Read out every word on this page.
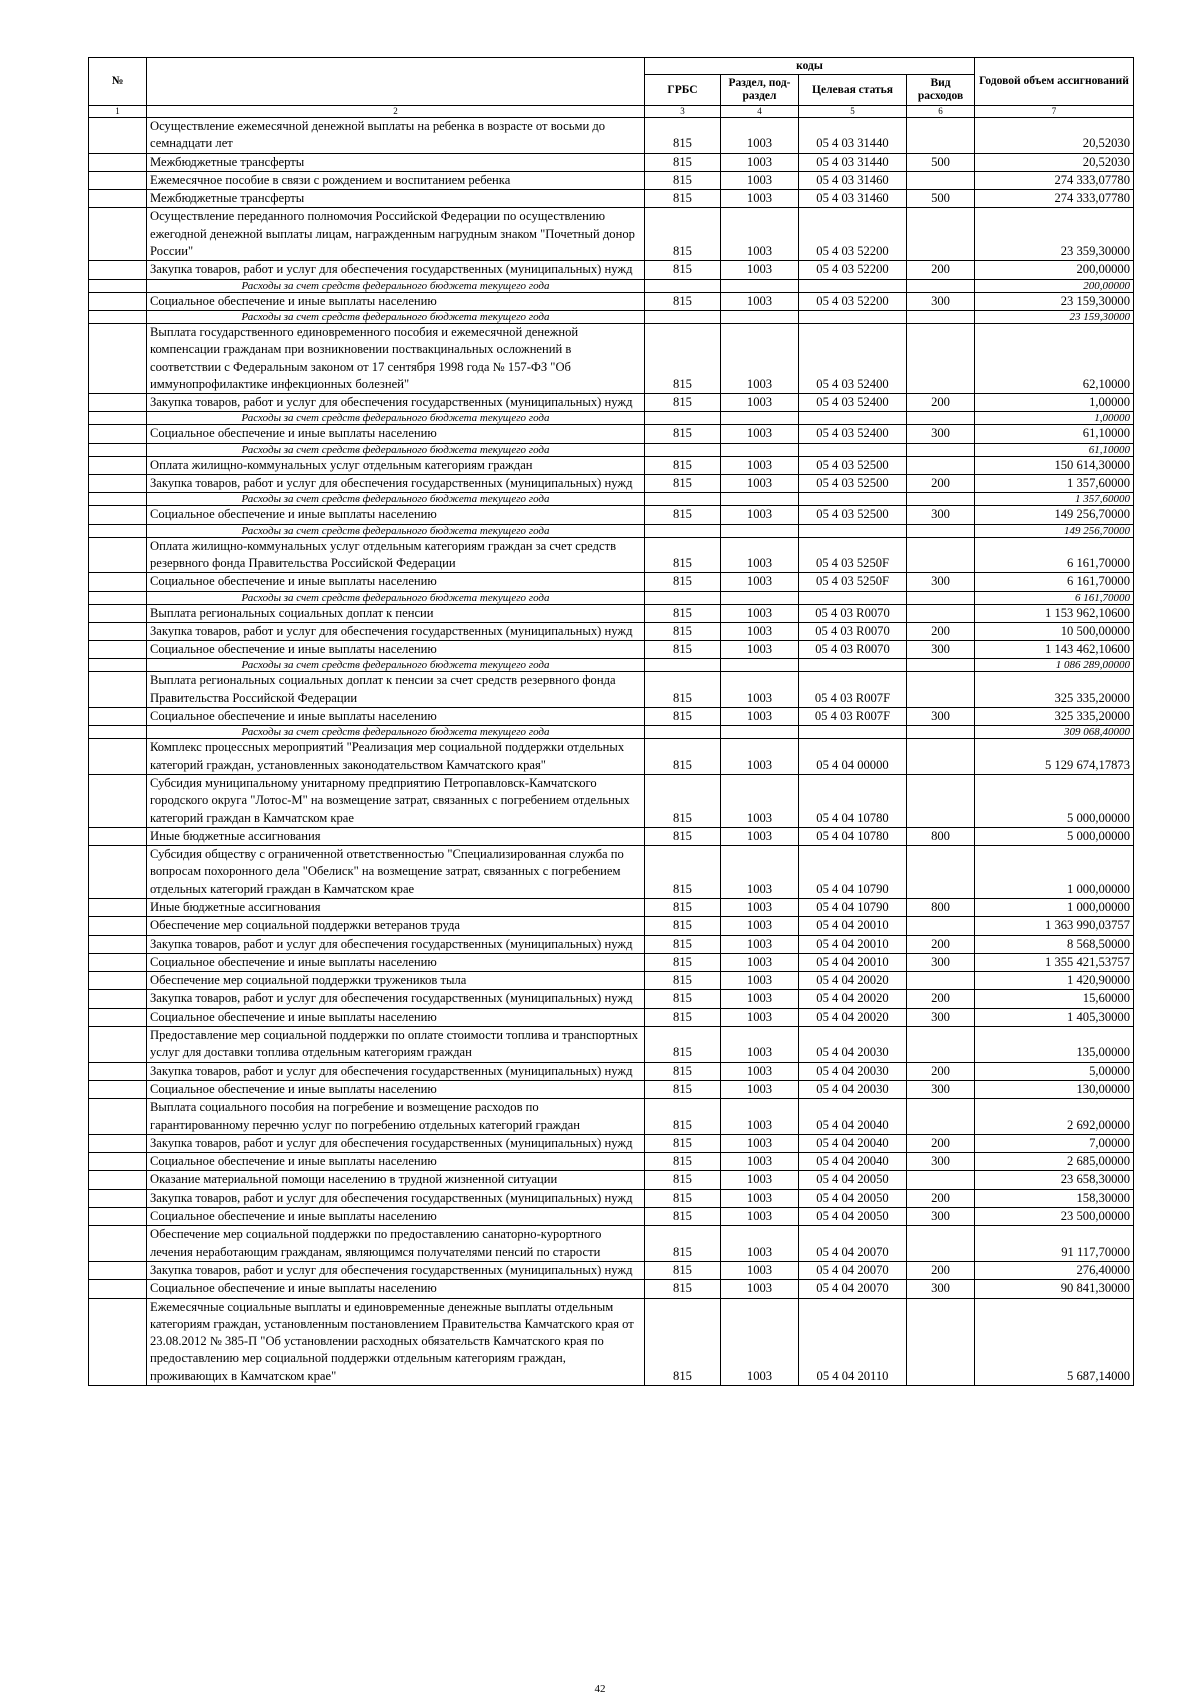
№		коды				Годовой объем ассигнований
		ГРБС	Раздел, под-раздел	Целевая статья	Вид расходов	
1	2	3	4	5	6	7
	Осуществление ежемесячной денежной выплаты на ребенка в возрасте от восьми до семнадцати лет	815	1003	05 4 03 31440		20,52030
	Межбюджетные трансферты	815	1003	05 4 03 31440	500	20,52030
	Ежемесячное пособие в связи с рождением и воспитанием ребенка	815	1003	05 4 03 31460		274 333,07780
	Межбюджетные трансферты	815	1003	05 4 03 31460	500	274 333,07780
	Осуществление переданного полномочия Российской Федерации по осуществлению ежегодной денежной выплаты лицам, награжденным нагрудным знаком "Почетный донор России"	815	1003	05 4 03 52200		23 359,30000
	Закупка товаров, работ и услуг для обеспечения государственных (муниципальных) нужд	815	1003	05 4 03 52200	200	200,00000
	Расходы за счет средств федерального бюджета текущего года					200,00000
	Социальное обеспечение и иные выплаты населению	815	1003	05 4 03 52200	300	23 159,30000
	Расходы за счет средств федерального бюджета текущего года					23 159,30000
	Выплата государственного единовременного пособия и ежемесячной денежной компенсации гражданам при возникновении поствакцинальных осложнений в соответствии с Федеральным законом от 17 сентября 1998 года № 157-ФЗ "Об иммунопрофилактике инфекционных болезней"	815	1003	05 4 03 52400		62,10000
	Закупка товаров, работ и услуг для обеспечения государственных (муниципальных) нужд	815	1003	05 4 03 52400	200	1,00000
	Расходы за счет средств федерального бюджета текущего года					1,00000
	Социальное обеспечение и иные выплаты населению	815	1003	05 4 03 52400	300	61,10000
	Расходы за счет средств федерального бюджета текущего года					61,10000
	Оплата жилищно-коммунальных услуг отдельным категориям граждан	815	1003	05 4 03 52500		150 614,30000
	Закупка товаров, работ и услуг для обеспечения государственных (муниципальных) нужд	815	1003	05 4 03 52500	200	1 357,60000
	Расходы за счет средств федерального бюджета текущего года					1 357,60000
	Социальное обеспечение и иные выплаты населению	815	1003	05 4 03 52500	300	149 256,70000
	Расходы за счет средств федерального бюджета текущего года					149 256,70000
	Оплата жилищно-коммунальных услуг отдельным категориям граждан за счет средств резервного фонда Правительства Российской Федерации	815	1003	05 4 03 5250F		6 161,70000
	Социальное обеспечение и иные выплаты населению	815	1003	05 4 03 5250F	300	6 161,70000
	Расходы за счет средств федерального бюджета текущего года					6 161,70000
	Выплата региональных социальных доплат к пенсии	815	1003	05 4 03 R0070		1 153 962,10600
	Закупка товаров, работ и услуг для обеспечения государственных (муниципальных) нужд	815	1003	05 4 03 R0070	200	10 500,00000
	Социальное обеспечение и иные выплаты населению	815	1003	05 4 03 R0070	300	1 143 462,10600
	Расходы за счет средств федерального бюджета текущего года					1 086 289,00000
	Выплата региональных социальных доплат к пенсии за счет средств резервного фонда Правительства Российской Федерации	815	1003	05 4 03 R007F		325 335,20000
	Социальное обеспечение и иные выплаты населению	815	1003	05 4 03 R007F	300	325 335,20000
	Расходы за счет средств федерального бюджета текущего года					309 068,40000
	Комплекс процессных мероприятий "Реализация мер социальной поддержки отдельных категорий граждан, установленных законодательством Камчатского края"	815	1003	05 4 04 00000		5 129 674,17873
	Субсидия муниципальному унитарному предприятию Петропавловск-Камчатского городского округа "Лотос-М" на возмещение затрат, связанных с погребением отдельных категорий граждан в Камчатском крае	815	1003	05 4 04 10780		5 000,00000
	Иные бюджетные ассигнования	815	1003	05 4 04 10780	800	5 000,00000
	Субсидия обществу с ограниченной ответственностью "Специализированная служба по вопросам похоронного дела "Обелиск" на возмещение затрат, связанных с погребением отдельных категорий граждан в Камчатском крае	815	1003	05 4 04 10790		1 000,00000
	Иные бюджетные ассигнования	815	1003	05 4 04 10790	800	1 000,00000
	Обеспечение мер социальной поддержки ветеранов труда	815	1003	05 4 04 20010		1 363 990,03757
	Закупка товаров, работ и услуг для обеспечения государственных (муниципальных) нужд	815	1003	05 4 04 20010	200	8 568,50000
	Социальное обеспечение и иные выплаты населению	815	1003	05 4 04 20010	300	1 355 421,53757
	Обеспечение мер социальной поддержки тружеников тыла	815	1003	05 4 04 20020		1 420,90000
	Закупка товаров, работ и услуг для обеспечения государственных (муниципальных) нужд	815	1003	05 4 04 20020	200	15,60000
	Социальное обеспечение и иные выплаты населению	815	1003	05 4 04 20020	300	1 405,30000
	Предоставление мер социальной поддержки по оплате стоимости топлива и транспортных услуг для доставки топлива отдельным категориям граждан	815	1003	05 4 04 20030		135,00000
	Закупка товаров, работ и услуг для обеспечения государственных (муниципальных) нужд	815	1003	05 4 04 20030	200	5,00000
	Социальное обеспечение и иные выплаты населению	815	1003	05 4 04 20030	300	130,00000
	Выплата социального пособия на погребение и возмещение расходов по гарантированному перечню услуг по погребению отдельных категорий граждан	815	1003	05 4 04 20040		2 692,00000
	Закупка товаров, работ и услуг для обеспечения государственных (муниципальных) нужд	815	1003	05 4 04 20040	200	7,00000
	Социальное обеспечение и иные выплаты населению	815	1003	05 4 04 20040	300	2 685,00000
	Оказание материальной помощи населению в трудной жизненной ситуации	815	1003	05 4 04 20050		23 658,30000
	Закупка товаров, работ и услуг для обеспечения государственных (муниципальных) нужд	815	1003	05 4 04 20050	200	158,30000
	Социальное обеспечение и иные выплаты населению	815	1003	05 4 04 20050	300	23 500,00000
	Обеспечение мер социальной поддержки по предоставлению санаторно-курортного лечения неработающим гражданам, являющимся получателями пенсий по старости	815	1003	05 4 04 20070		91 117,70000
	Закупка товаров, работ и услуг для обеспечения государственных (муниципальных) нужд	815	1003	05 4 04 20070	200	276,40000
	Социальное обеспечение и иные выплаты населению	815	1003	05 4 04 20070	300	90 841,30000
	Ежемесячные социальные выплаты и единовременные денежные выплаты отдельным категориям граждан, установленным постановлением Правительства Камчатского края от 23.08.2012 № 385-П "Об установлении расходных обязательств Камчатского края по предоставлению мер социальной поддержки отдельным категориям граждан, проживающих в Камчатском крае"	815	1003	05 4 04 20110		5 687,14000
42
